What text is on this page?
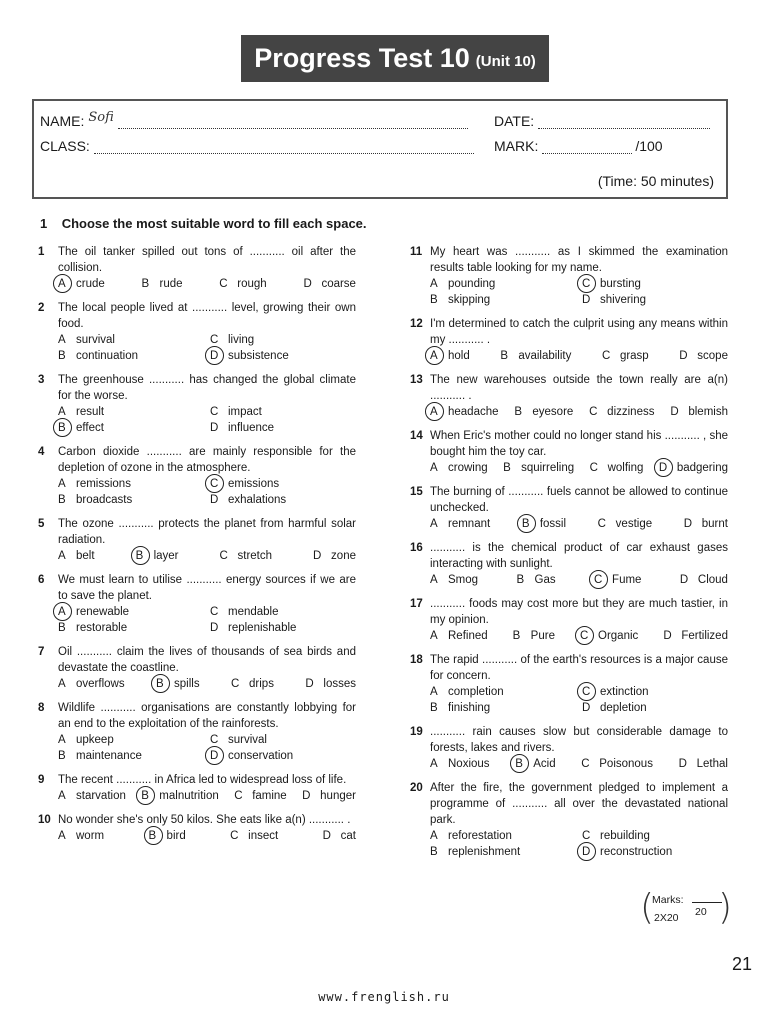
Progress Test 10 (Unit 10)
NAME: Sofi	DATE:
CLASS:	MARK:	/100
(Time: 50 minutes)
1 Choose the most suitable word to fill each space.
1	The oil tanker spilled out tons of ........... oil after the collision.
A crude	B rude	C rough	D coarse
2	The local people lived at ........... level, growing their own food.
A survival	C living
B continuation	D subsistence
3	The greenhouse ........... has changed the global climate for the worse.
A result	C impact
B effect	D influence
4	Carbon dioxide ........... are mainly responsible for the depletion of ozone in the atmosphere.
A remissions	C emissions
B broadcasts	D exhalations
5	The ozone ........... protects the planet from harmful solar radiation.
A belt	B layer	C stretch	D zone
6	We must learn to utilise ........... energy sources if we are to save the planet.
A renewable	C mendable
B restorable	D replenishable
7	Oil ........... claim the lives of thousands of sea birds and devastate the coastline.
A overflows	B spills	C drips	D losses
8	Wildlife ........... organisations are constantly lobbying for an end to the exploitation of the rainforests.
A upkeep	C survival
B maintenance	D conservation
9	The recent ........... in Africa led to widespread loss of life.
A starvation B malnutrition C famine D hunger
10 No wonder she's only 50 kilos. She eats like a(n) ........... .
A worm	B bird	C insect	D cat
11 My heart was ........... as I skimmed the examination results table looking for my name.
A pounding	C bursting
B skipping	D shivering
12 I'm determined to catch the culprit using any means within my ........... .
A hold	B availability	C grasp	D scope
13 The new warehouses outside the town really are a(n) ........... .
A headache B eyesore C dizziness D blemish
14 When Eric's mother could no longer stand his ........... , she bought him the toy car.
A crowing B squirreling C wolfing D badgering
15 The burning of ........... fuels cannot be allowed to continue unchecked.
A remnant	B fossil	C vestige	D burnt
16 ........... is the chemical product of car exhaust gases interacting with sunlight.
A Smog	B Gas	C Fume	D Cloud
17 ........... foods may cost more but they are much tastier, in my opinion.
A Refined B Pure C Organic D Fertilized
18 The rapid ........... of the earth's resources is a major cause for concern.
A completion	C extinction
B finishing	D depletion
19 ........... rain causes slow but considerable damage to forests, lakes and rivers.
A Noxious B Acid C Poisonous D Lethal
20 After the fire, the government pledged to implement a programme of ........... all over the devastated national park.
A reforestation	C rebuilding
B replenishment	D reconstruction
(
Marks:
20
2X20 )
21
www.frenglish.ru
